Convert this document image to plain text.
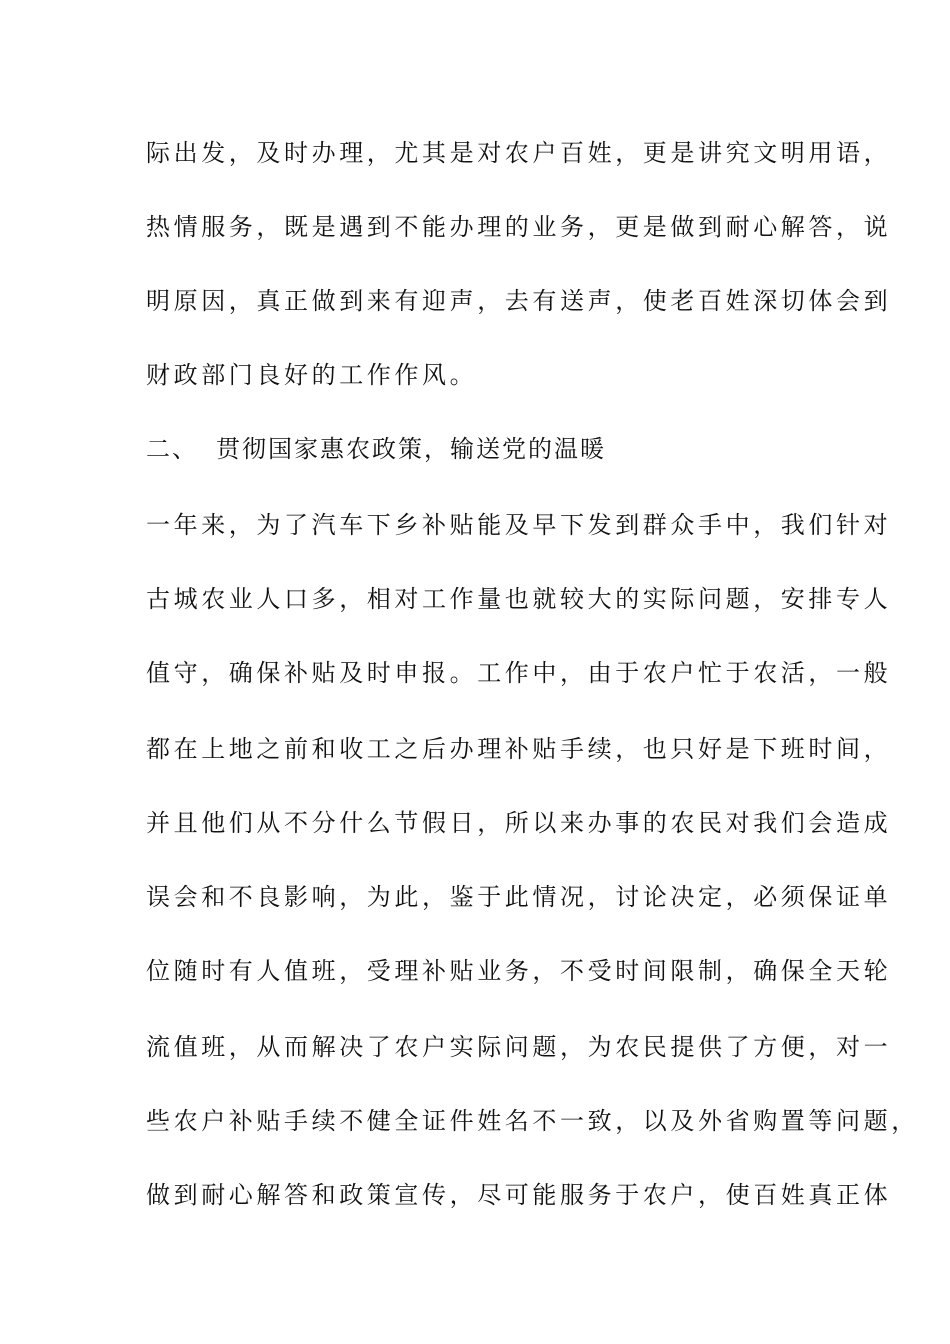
际出发，及时办理，尤其是对农户百姓，更是讲究文明用语，

热情服务，既是遇到不能办理的业务，更是做到耐心解答，说

明原因，真正做到来有迎声，去有送声，使老百姓深切体会到

财政部门良好的工作作风。

二、 贯彻国家惠农政策，输送党的温暖

一年来，为了汽车下乡补贴能及早下发到群众手中，我们针对

古城农业人口多，相对工作量也就较大的实际问题，安排专人

值守，确保补贴及时申报。工作中，由于农户忙于农活，一般

都在上地之前和收工之后办理补贴手续，也只好是下班时间，

并且他们从不分什么节假日，所以来办事的农民对我们会造成

误会和不良影响，为此，鉴于此情况，讨论决定，必须保证单

位随时有人值班，受理补贴业务，不受时间限制，确保全天轮

流值班，从而解决了农户实际问题，为农民提供了方便，对一

些农户补贴手续不健全证件姓名不一致，以及外省购置等问题，

做到耐心解答和政策宣传，尽可能服务于农户，使百姓真正体
